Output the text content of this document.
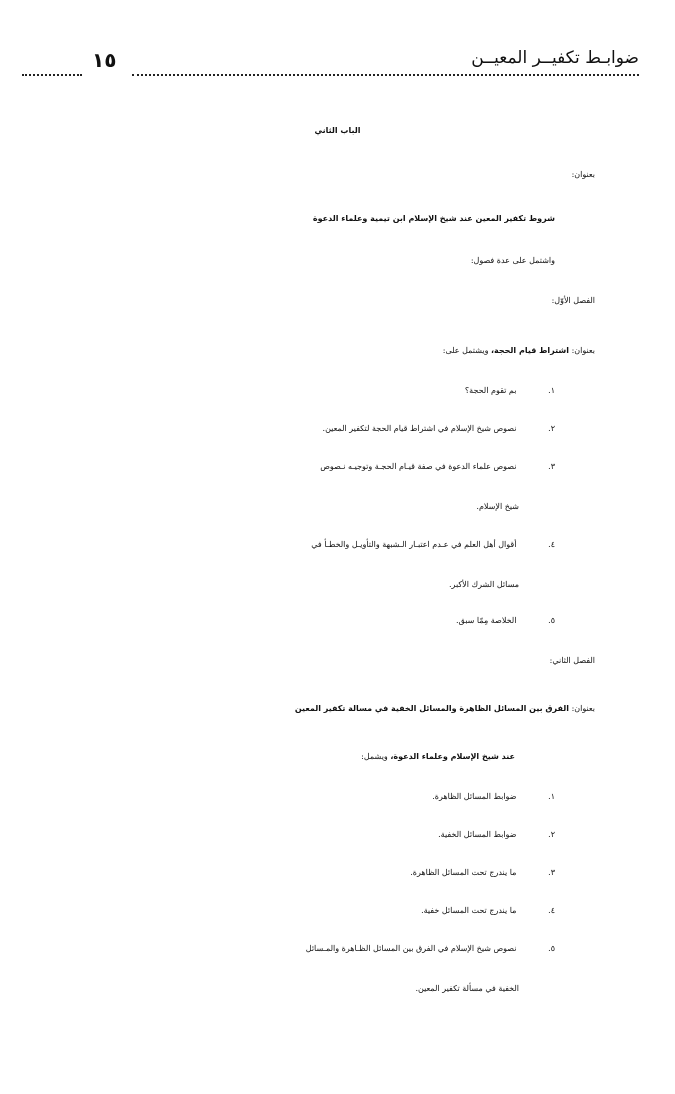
ضوابـط تكفيــر المعيــن
١٥
الباب الثاني
بعنوان:
شروط تكفير المعين عند شيخ الإسلام ابن تيمية وعلماء الدعوة
واشتمل على عدة فصول:
الفصل الأوّل:
بعنوان: اشتراط قيام الحجة، ويشتمل على:
١. بم تقوم الحجة؟
٢. نصوص شيخ الإسلام في اشتراط قيام الحجة لتكفير المعين.
٣. نصوص علماء الدعوة في صفة قيـام الحجـة وتوجيـه نـصوص
شيخ الإسلام.
٤. أقوال أهل العلم في عـدم اعتبـار الـشبهة والتأويـل والخطـأ في
مسائل الشرك الأكبر.
٥. الخلاصة مِمّا سبق.
الفصل الثاني:
بعنوان: الفرق بين المسائل الظاهرة والمسائل الخفية في مسالة تكفير المعين
عند شيخ الإسلام وعلماء الدعوة، ويشمل:
١. ضوابط المسائل الظاهرة.
٢. ضوابط المسائل الخفية.
٣. ما يندرج تحت المسائل الظاهرة.
٤. ما يندرج تحت المسائل خفية.
٥. نصوص شيخ الإسلام في الفرق بين المسائل الظـاهرة والمـسائل
الخفية في مسألة تكفير المعين.
